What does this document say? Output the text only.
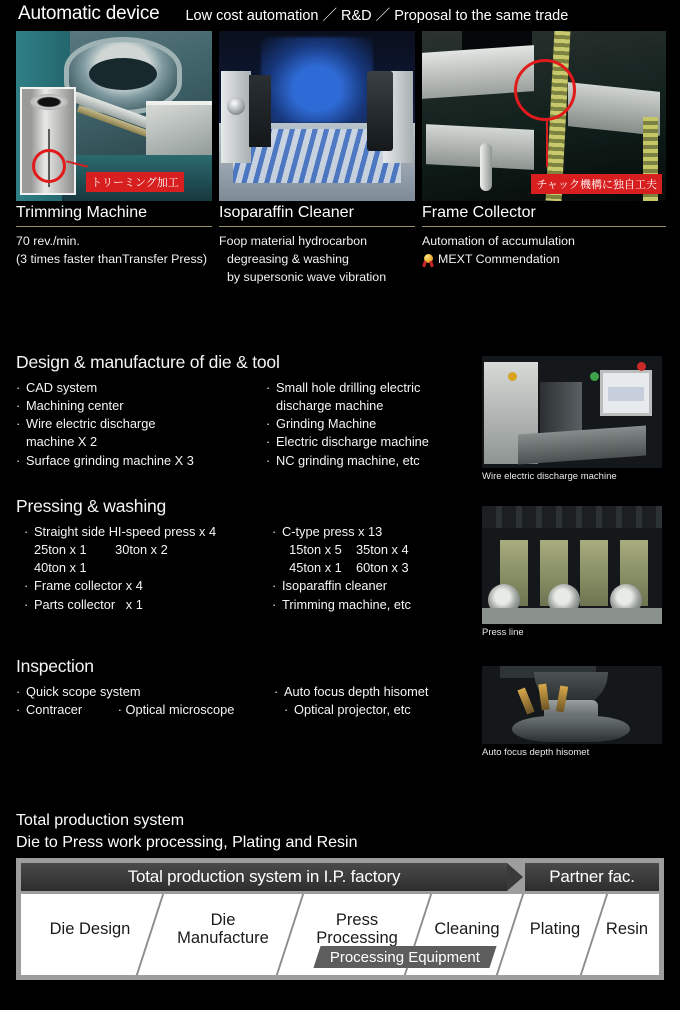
Automatic device Low cost automation ／ R&D ／ Proposal to the same trade
トリーミング加工
Trimming Machine
70 rev./min.
(3 times faster thanTransfer Press)
Isoparaffin Cleaner
Foop material hydrocarbon
degreasing & washing
by supersonic wave vibration
チャック機構に独自工夫
Frame Collector
Automation of accumulation
MEXT Commendation
Design & manufacture of die & tool
· CAD system
· Machining center
· Wire electric discharge
machine X 2
· Surface grinding machine X 3
· Small hole drilling electric
discharge machine
· Grinding Machine
· Electric discharge machine
· NC grinding machine, etc
Pressing & washing
· Straight side HI-speed press x 4
25ton x 1        30ton x 2
40ton x 1
· Frame collector x 4
· Parts collector   x 1
· C-type press x 13
15ton x 5    35ton x 4
45ton x 1    60ton x 3
· Isoparaffin cleaner
· Trimming machine, etc
Inspection
· Quick scope system
· Contracer          · Optical microscope
· Auto focus depth hisomet
· Optical projector, etc
Wire electric discharge machine
Press line
Auto focus depth hisomet
Total production system
Die to Press work processing, Plating and Resin
Total production system in I.P. factory	Partner fac.
Die Design	Die
Manufacture
Press
Processing Cleaning Plating Resin
Processing Equipment
